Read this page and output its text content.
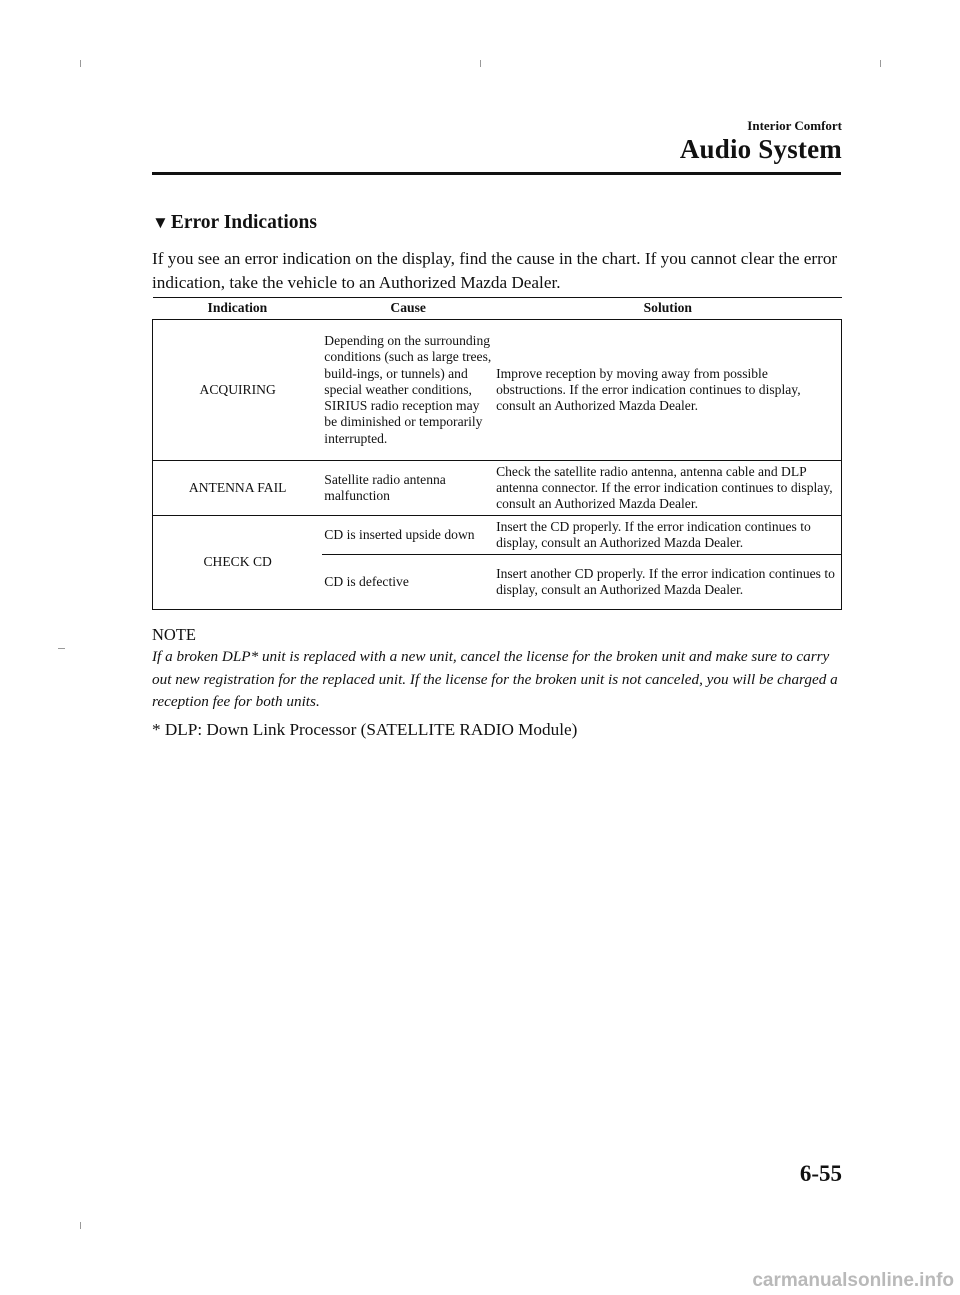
Interior Comfort
Audio System
▼ Error Indications
If you see an error indication on the display, find the cause in the chart. If you cannot clear the error indication, take the vehicle to an Authorized Mazda Dealer.
Indication	Cause	Solution
ACQUIRING	Depending on the surrounding conditions (such as large trees, build-ings, or tunnels) and special weather conditions, SIRIUS radio reception may be diminished or temporarily interrupted.	Improve reception by moving away from possible obstructions. If the error indication continues to display, consult an Authorized Mazda Dealer.
ANTENNA FAIL	Satellite radio antenna malfunction	Check the satellite radio antenna, antenna cable and DLP antenna connector. If the error indication continues to display, consult an Authorized Mazda Dealer.
CHECK CD	CD is inserted upside down	Insert the CD properly. If the error indication continues to display, consult an Authorized Mazda Dealer.
	CD is defective	Insert another CD properly. If the error indication continues to display, consult an Authorized Mazda Dealer.
NOTE
If a broken DLP* unit is replaced with a new unit, cancel the license for the broken unit and make sure to carry out new registration for the replaced unit. If the license for the broken unit is not canceled, you will be charged a reception fee for both units.
* DLP: Down Link Processor (SATELLITE RADIO Module)
6-55
carmanualsonline.info
